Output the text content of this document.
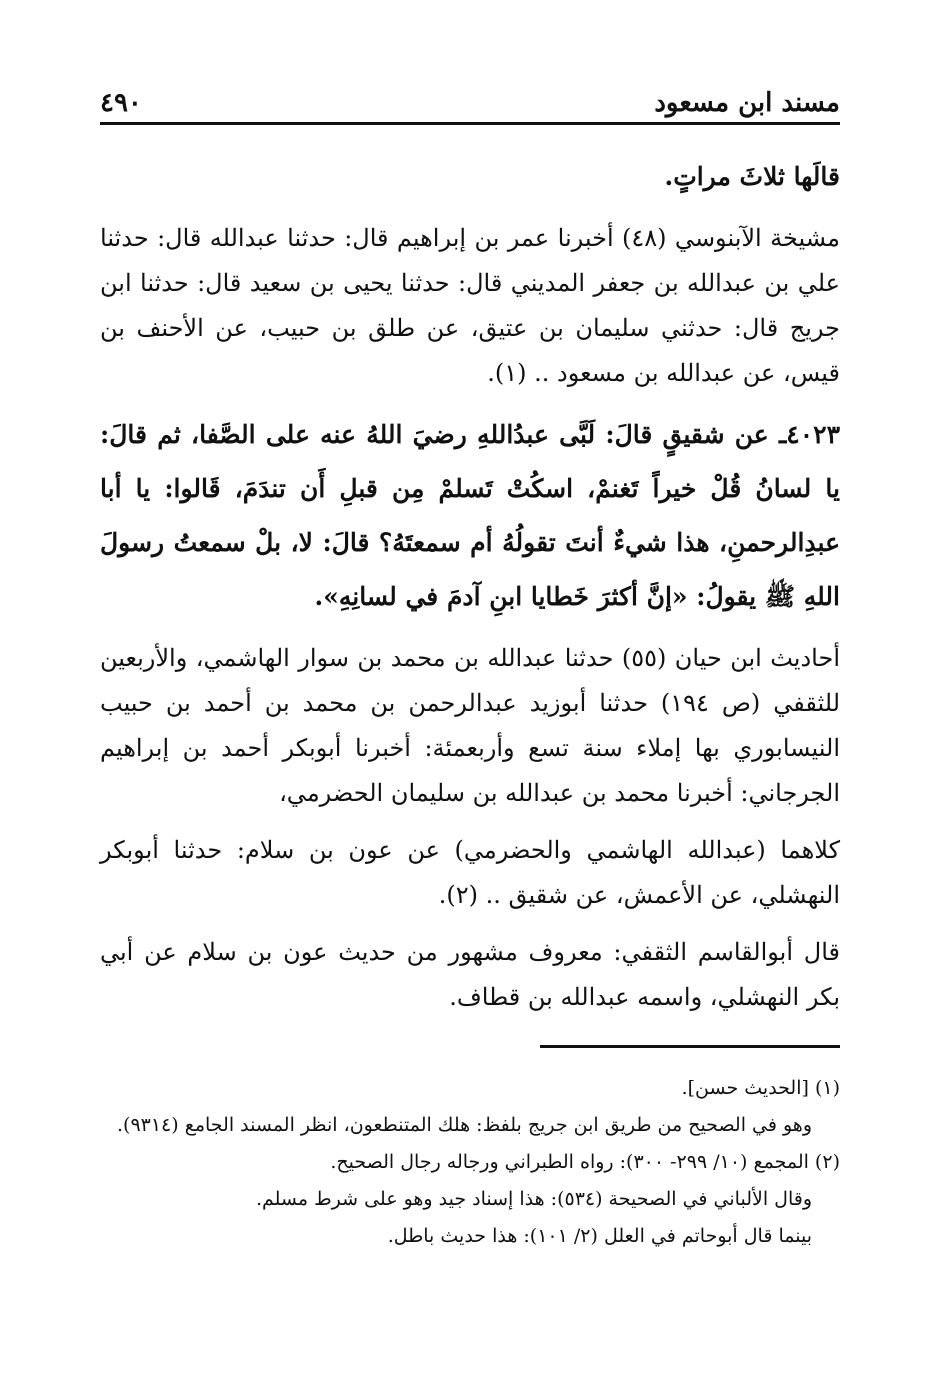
٤٩٠	مسند ابن مسعود

قالَها ثلاثَ مراتٍ.

مشيخة الآبنوسي (٤٨) أخبرنا عمر بن إبراهيم قال: حدثنا عبدالله قال: حدثنا علي بن عبدالله بن جعفر المديني قال: حدثنا يحيى بن سعيد قال: حدثنا ابن جريج قال: حدثني سليمان بن عتيق، عن طلق بن حبيب، عن الأحنف بن قيس، عن عبدالله بن مسعود .. (١).

٤٠٢٣ـ عن شقيقٍ قالَ: لَبَّى عبدُاللهِ رضيَ اللهُ عنه على الصَّفا، ثم قالَ: يا لسانُ قُلْ خيراً تَغنمْ، اسكُتْ تَسلمْ مِن قبلِ أَن تندَمَ، قَالوا: يا أبا عبدِالرحمنِ، هذا شيءٌ أنتَ تقولُهُ أم سمعتَهُ؟ قالَ: لا، بلْ سمعتُ رسولَ اللهِ ﷺ يقولُ: «إنَّ أكثرَ خَطايا ابنِ آدمَ في لسانِهِ».

أحاديث ابن حيان (٥٥) حدثنا عبدالله بن محمد بن سوار الهاشمي، والأربعين للثقفي (ص ١٩٤) حدثنا أبوزيد عبدالرحمن بن محمد بن أحمد بن حبيب النيسابوري بها إملاء سنة تسع وأربعمئة: أخبرنا أبوبكر أحمد بن إبراهيم الجرجاني: أخبرنا محمد بن عبدالله بن سليمان الحضرمي،

كلاهما (عبدالله الهاشمي والحضرمي) عن عون بن سلام: حدثنا أبوبكر النهشلي، عن الأعمش، عن شقيق .. (٢).

قال أبوالقاسم الثقفي: معروف مشهور من حديث عون بن سلام عن أبي بكر النهشلي، واسمه عبدالله بن قطاف.

(١) [الحديث حسن].

وهو في الصحيح من طريق ابن جريج بلفظ: هلك المتنطعون، انظر المسند الجامع (٩٣١٤).

(٢) المجمع (١٠/ ٢٩٩- ٣٠٠): رواه الطبراني ورجاله رجال الصحيح.

وقال الألباني في الصحيحة (٥٣٤): هذا إسناد جيد وهو على شرط مسلم.

بينما قال أبوحاتم في العلل (٢/ ١٠١): هذا حديث باطل.
